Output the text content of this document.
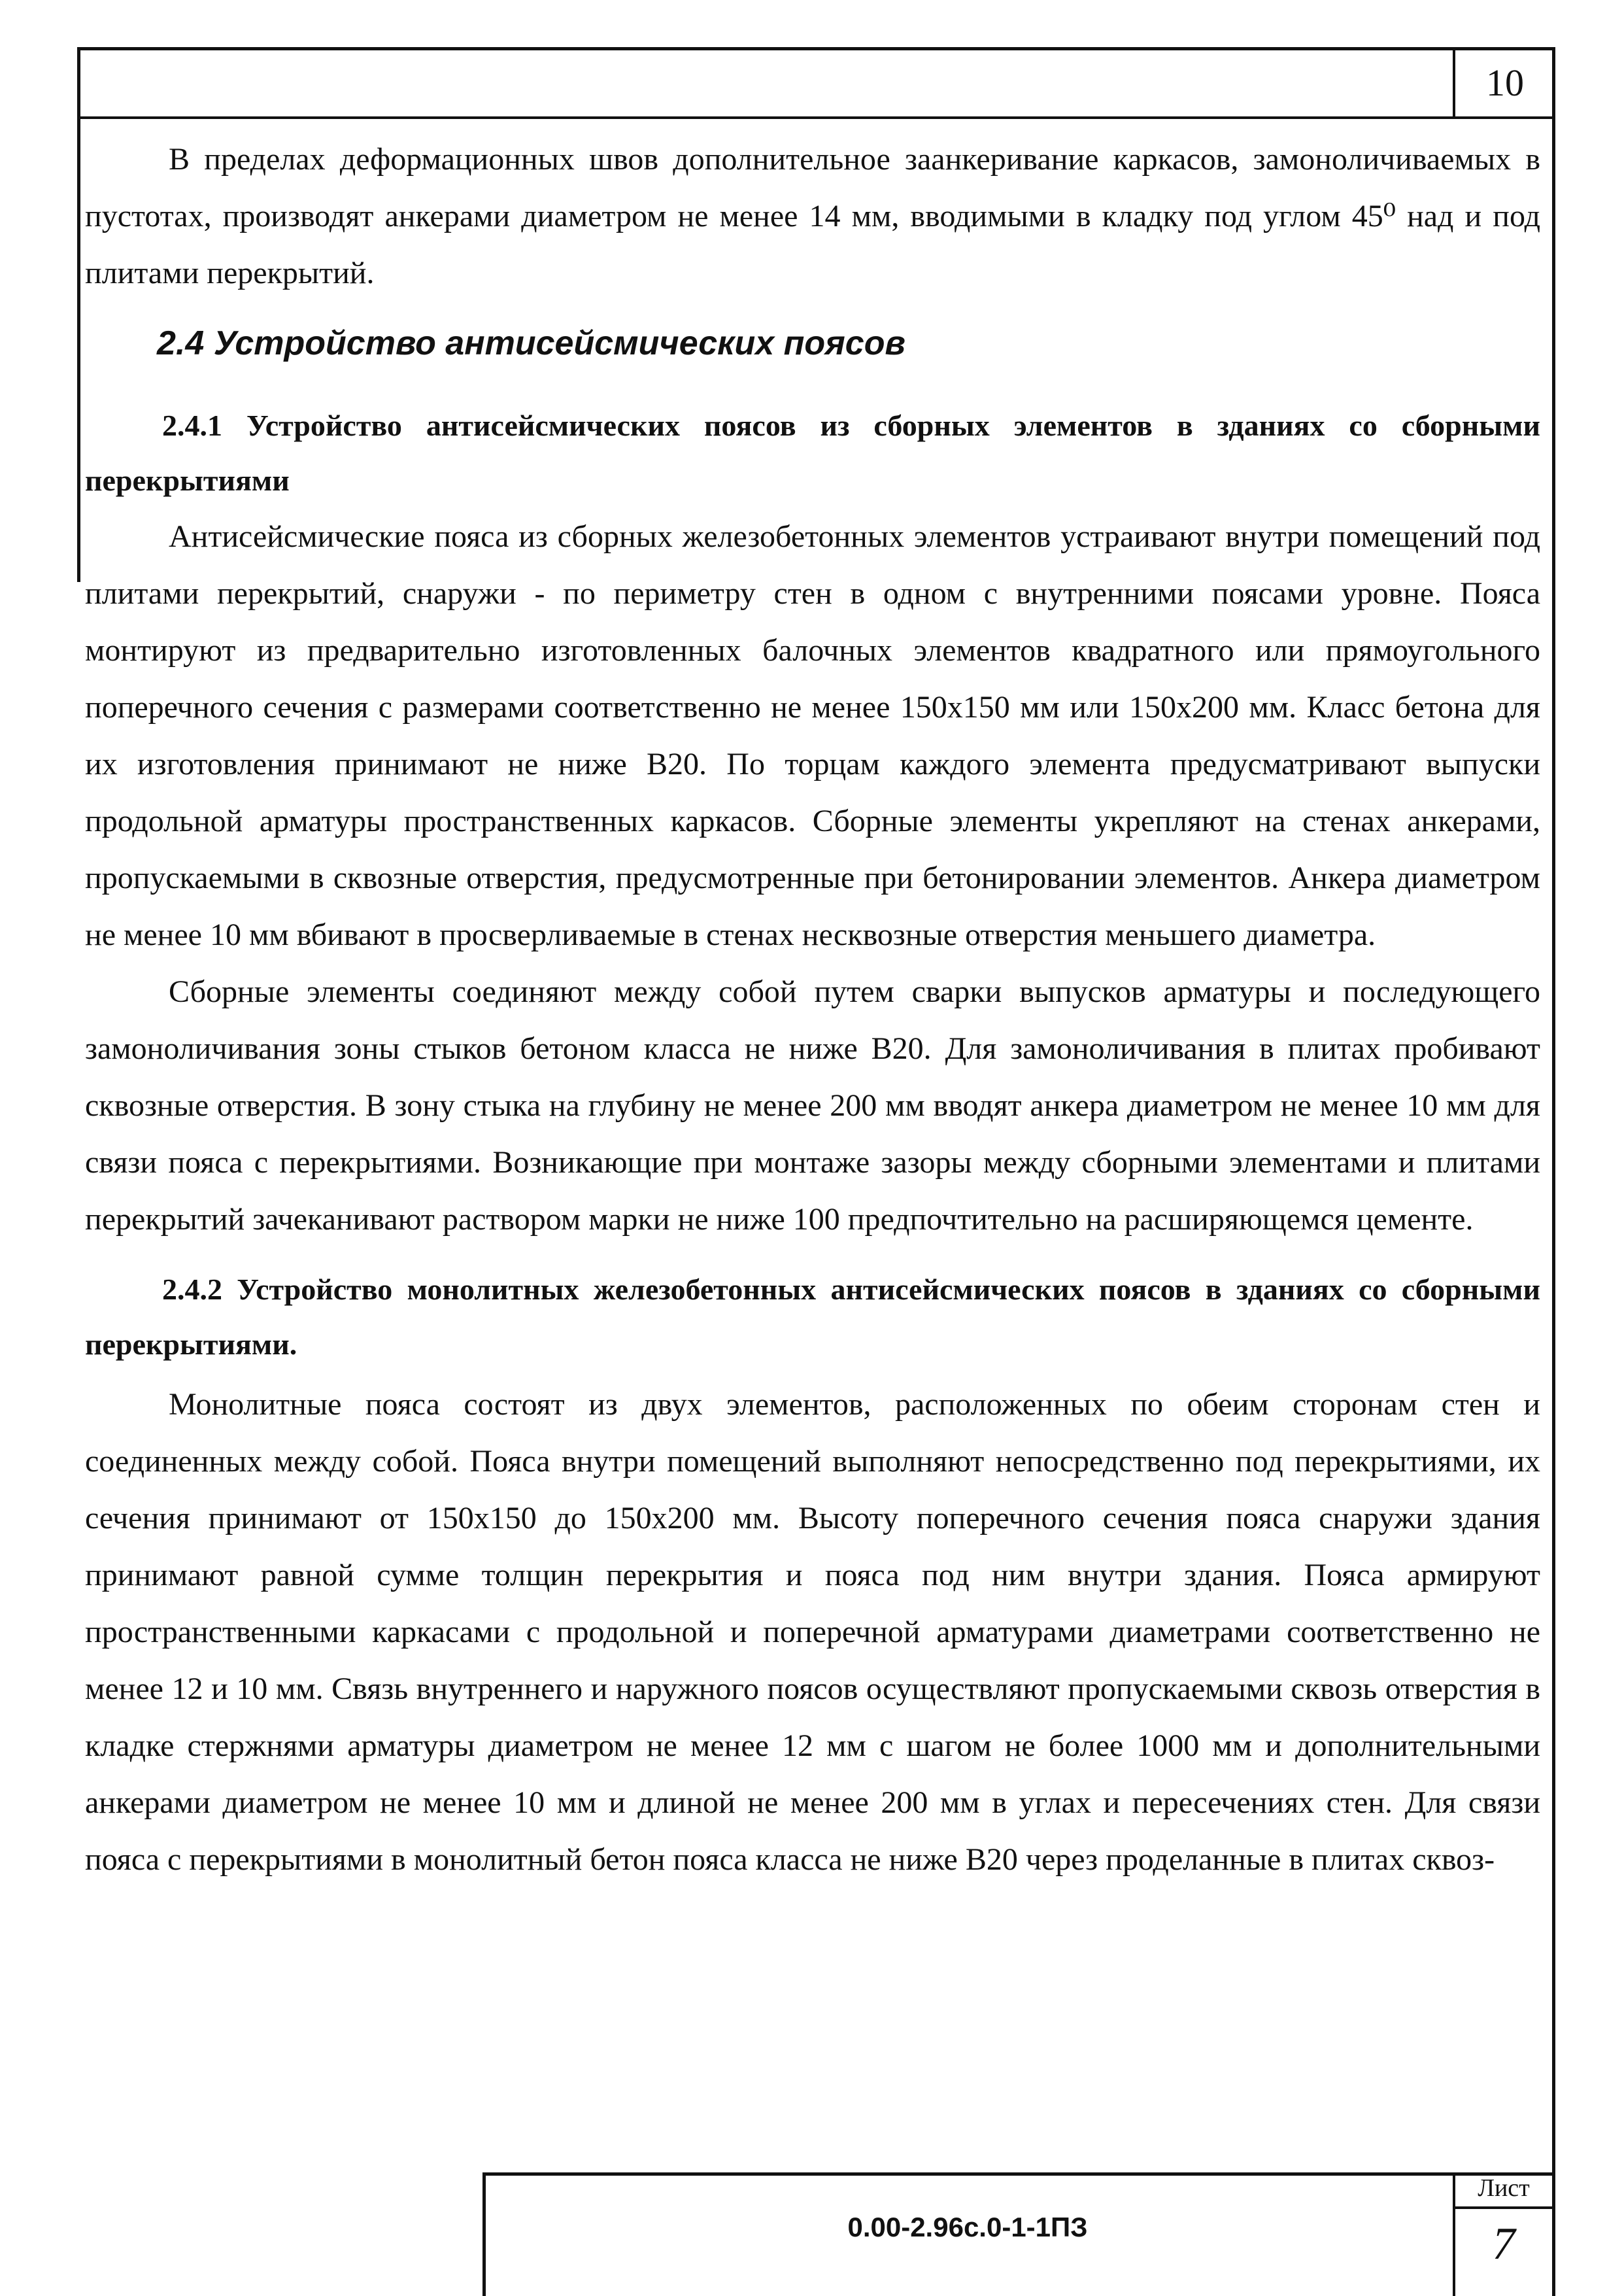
10

В пределах деформационных швов дополнительное заанкеривание каркасов, замоноличиваемых в пустотах, производят анкерами диаметром не менее 14 мм, вводимыми в кладку под углом 45⁰ над и под плитами перекрытий.

2.4 Устройство антисейсмических поясов
2.4.1 Устройство антисейсмических поясов из сборных элементов в зданиях со сборными перекрытиями

Антисейсмические пояса из сборных железобетонных элементов устраивают внутри помещений под плитами перекрытий, снаружи - по периметру стен в одном с внутренними поясами уровне. Пояса монтируют из предварительно изготовленных балочных элементов квадратного или прямоугольного поперечного сечения с размерами соответственно не менее 150x150 мм или 150x200 мм. Класс бетона для их изготовления принимают не ниже В20. По торцам каждого элемента предусматривают выпуски продольной арматуры пространственных каркасов. Сборные элементы укрепляют на стенах анкерами, пропускаемыми в сквозные отверстия, предусмотренные при бетонировании элементов. Анкера диаметром не менее 10 мм вбивают в просверливаемые в стенах несквозные отверстия меньшего диаметра.

Сборные элементы соединяют между собой путем сварки выпусков арматуры и последующего замоноличивания зоны стыков бетоном класса не ниже В20. Для замоноличивания в плитах пробивают сквозные отверстия. В зону стыка на глубину не менее 200 мм вводят анкера диаметром не менее 10 мм для связи пояса с перекрытиями. Возникающие при монтаже зазоры между сборными элементами и плитами перекрытий зачеканивают раствором марки не ниже 100 предпочтительно на расширяющемся цементе.

2.4.2 Устройство монолитных железобетонных антисейсмических поясов в зданиях со сборными перекрытиями.

Монолитные пояса состоят из двух элементов, расположенных по обеим сторонам стен и соединенных между собой. Пояса внутри помещений выполняют непосредственно под перекрытиями, их сечения принимают от 150x150 до 150x200 мм. Высоту поперечного сечения пояса снаружи здания принимают равной сумме толщин перекрытия и пояса под ним внутри здания. Пояса армируют пространственными каркасами с продольной и поперечной арматурами диаметрами соответственно не менее 12 и 10 мм. Связь внутреннего и наружного поясов осуществляют пропускаемыми сквозь отверстия в кладке стержнями арматуры диаметром не менее 12 мм с шагом не более 1000 мм и дополнительными анкерами диаметром не менее 10 мм и длиной не менее 200 мм в углах и пересечениях стен. Для связи пояса с перекрытиями в монолитный бетон пояса класса не ниже В20 через проделанные в плитах сквоз-

0.00-2.96с.0-1-1ПЗ
Лист
7
